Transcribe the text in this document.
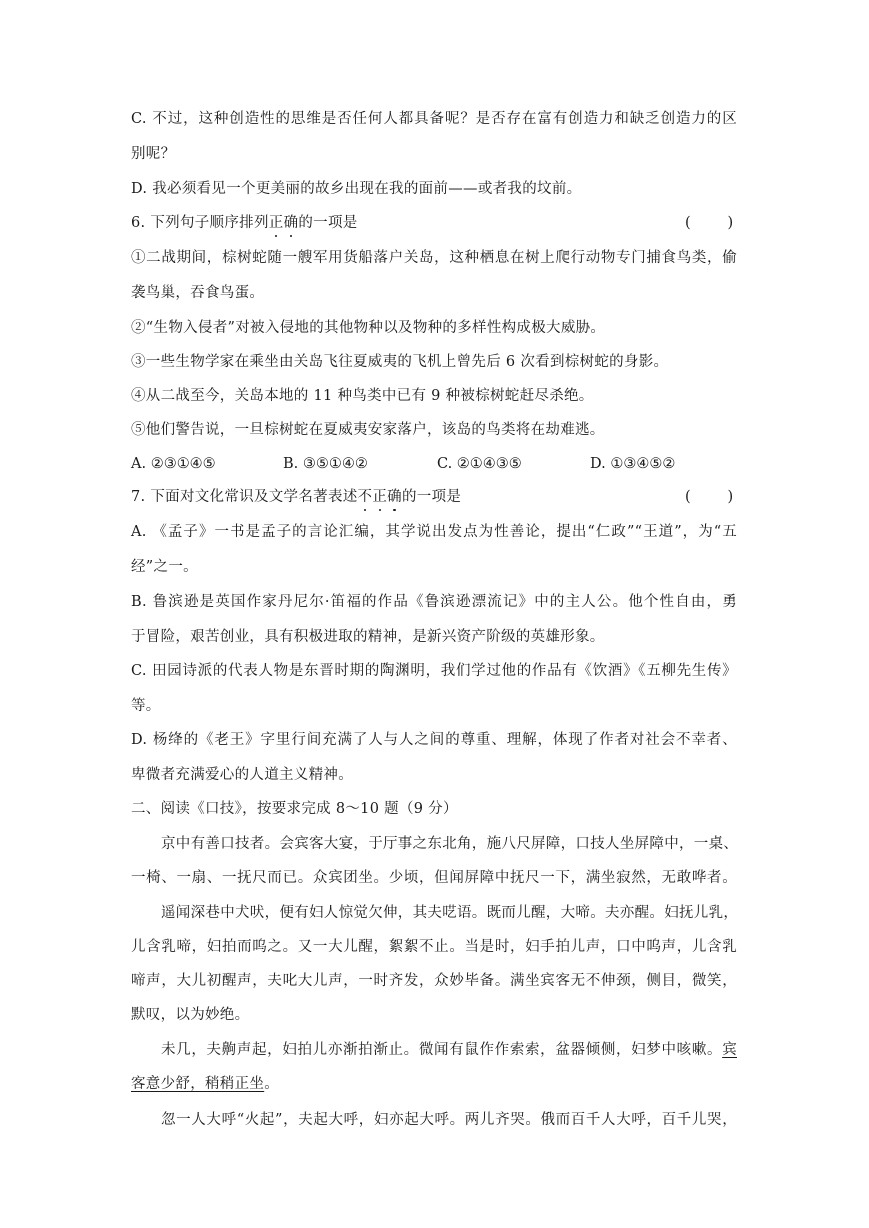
C. 不过，这种创造性的思维是否任何人都具备呢？是否存在富有创造力和缺乏创造力的区
别呢？
D. 我必须看见一个更美丽的故乡出现在我的面前——或者我的坟前。
6. 下列句子顺序排列正确的一项是	(        )
①二战期间，棕树蛇随一艘军用货船落户关岛，这种栖息在树上爬行动物专门捕食鸟类，偷
袭鸟巢，吞食鸟蛋。
②“生物入侵者”对被入侵地的其他物种以及物种的多样性构成极大威胁。
③一些生物学家在乘坐由关岛飞往夏威夷的飞机上曾先后 6 次看到棕树蛇的身影。
④从二战至今，关岛本地的 11 种鸟类中已有 9 种被棕树蛇赶尽杀绝。
⑤他们警告说，一旦棕树蛇在夏威夷安家落户，该岛的鸟类将在劫难逃。
A. ②③①④⑤	B. ③⑤①④②	C. ②①④③⑤	D. ①③④⑤②
7. 下面对文化常识及文学名著表述不正确的一项是	(        )
A. 《孟子》一书是孟子的言论汇编，其学说出发点为性善论，提出“仁政”“王道”，为“五
经”之一。
B. 鲁滨逊是英国作家丹尼尔·笛福的作品《鲁滨逊漂流记》中的主人公。他个性自由，勇
于冒险，艰苦创业，具有积极进取的精神，是新兴资产阶级的英雄形象。
C. 田园诗派的代表人物是东晋时期的陶渊明，我们学过他的作品有《饮酒》《五柳先生传》
等。
D. 杨绛的《老王》字里行间充满了人与人之间的尊重、理解，体现了作者对社会不幸者、
卑微者充满爱心的人道主义精神。
二、阅读《口技》，按要求完成 8～10 题（9 分）
京中有善口技者。会宾客大宴，于厅事之东北角，施八尺屏障，口技人坐屏障中，一桌、
一椅、一扇、一抚尺而已。众宾团坐。少顷，但闻屏障中抚尺一下，满坐寂然，无敢哗者。
遥闻深巷中犬吠，便有妇人惊觉欠伸，其夫呓语。既而儿醒，大啼。夫亦醒。妇抚儿乳，
儿含乳啼，妇拍而呜之。又一大儿醒，絮絮不止。当是时，妇手拍儿声，口中呜声，儿含乳
啼声，大儿初醒声，夫叱大儿声，一时齐发，众妙毕备。满坐宾客无不伸颈，侧目，微笑，
默叹，以为妙绝。
未几，夫齁声起，妇拍儿亦渐拍渐止。微闻有鼠作作索索，盆器倾侧，妇梦中咳嗽。宾
客意少舒，稍稍正坐。
忽一人大呼“火起”，夫起大呼，妇亦起大呼。两儿齐哭。俄而百千人大呼，百千儿哭，
